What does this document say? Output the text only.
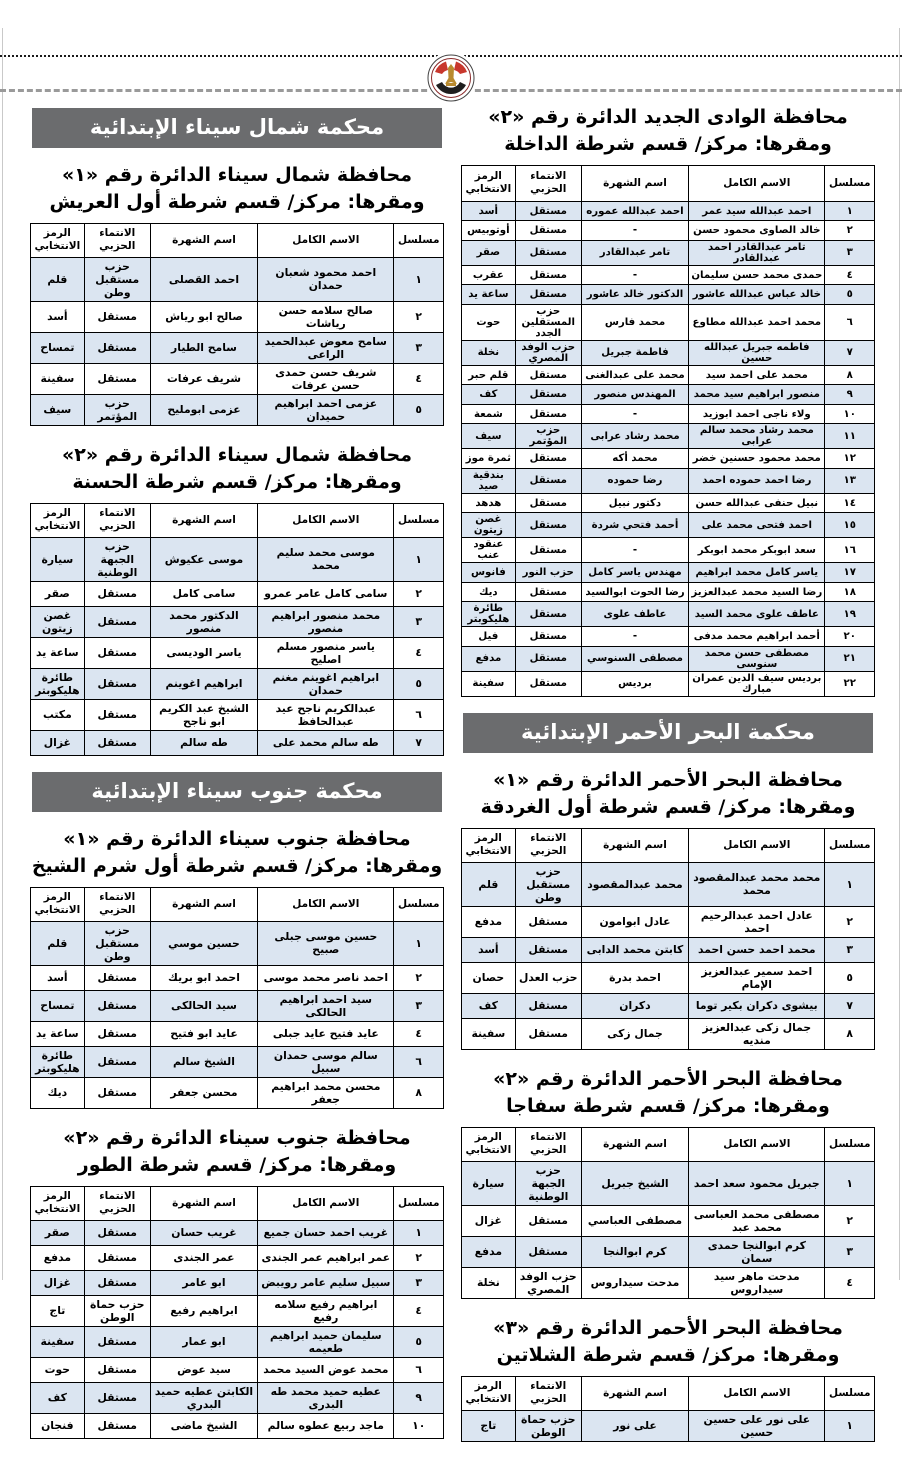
محافظة الوادى الجديد الدائرة رقم «٢»
ومقرها: مركز/ قسم شرطة الداخلة
مسلسل	الاسم الكامل	اسم الشهرة	الانتماء الحزبي	الرمز الانتخابي
١	احمد عبدالله سيد عمر	احمد عبدالله عموره	مستقل	أسد
٢	خالد الصاوى محمود حسن	-	مستقل	أوتوبيس
٣	تامر عبدالقادر احمد عبدالقادر	تامر عبدالقادر	مستقل	صقر
٤	حمدى محمد حسن سليمان	-	مستقل	عقرب
٥	خالد عباس عبدالله عاشور	الدكتور خالد عاشور	مستقل	ساعة يد
٦	محمد احمد عبدالله مطاوع	محمد فارس	حزب المستقلين الجدد	حوت
٧	فاطمه جبريل عبدالله حسين	فاطمة جبريل	حزب الوفد المصري	نخلة
٨	محمد على احمد سيد	محمد على عبدالغنى	مستقل	قلم حبر
٩	منصور ابراهيم سيد محمد	المهندس منصور	مستقل	كف
١٠	ولاء ناجى احمد ابوزيد	-	مستقل	شمعة
١١	محمد رشاد محمد سالم عرابى	محمد رشاد عرابى	حزب المؤتمر	سيف
١٢	محمد محمود حسنين خضر	محمد أكه	مستقل	ثمرة موز
١٣	رضا احمد حموده احمد	رضا حموده	مستقل	بندقية صيد
١٤	نبيل حنفى عبدالله حسن	دكتور نبيل	مستقل	هدهد
١٥	احمد فتحى محمد على	أحمد فتحي شردة	مستقل	غصن زيتون
١٦	سعد ابوبكر محمد ابوبكر	-	مستقل	عنقود عنب
١٧	ياسر كامل محمد ابراهيم	مهندس ياسر كامل	حزب النور	فانوس
١٨	رضا السيد محمد عبدالعزيز	رضا الحوت ابوالسيد	مستقل	ديك
١٩	عاطف علوى محمد السيد	عاطف علوى	مستقل	طائرة هليكوبتر
٢٠	أحمد ابراهيم محمد مدفى	-	مستقل	فيل
٢١	مصطفى حسن محمد سنوسى	مصطفى السنوسي	مستقل	مدفع
٢٢	برديس سيف الدين عمران مبارك	برديس	مستقل	سفينة
محكمة البحر الأحمر الإبتدائية
محافظة البحر الأحمر الدائرة رقم «١»
ومقرها: مركز/ قسم شرطة أول الغردقة
مسلسل	الاسم الكامل	اسم الشهرة	الانتماء الحزبي	الرمز الانتخابي
١	محمد محمد عبدالمقصود محمد	محمد عبدالمقصود	حزب مستقبل وطن	قلم
٢	عادل احمد عبدالرحيم احمد	عادل ابوامون	مستقل	مدفع
٣	محمد احمد حسن احمد	كابتن محمد الدابى	مستقل	أسد
٥	احمد سمير عبدالعزيز الإمام	احمد بدرة	حزب العدل	حصان
٧	بيشوى دكران بكير توما	دكران	مستقل	كف
٨	جمال زكى عبدالعزيز منديه	جمال زكى	مستقل	سفينة
محافظة البحر الأحمر الدائرة رقم «٢»
ومقرها: مركز/ قسم شرطة سفاجا
مسلسل	الاسم الكامل	اسم الشهرة	الانتماء الحزبي	الرمز الانتخابي
١	جبريل محمود سعد احمد	الشيخ جبريل	حزب الجبهة الوطنية	سيارة
٢	مصطفى محمد العباسى محمد عبد	مصطفى العباسي	مستقل	غزال
٣	كرم ابوالنجا حمدى سمان	كرم ابوالنجا	مستقل	مدفع
٤	مدحت ماهر سيد سيداروس	مدحت سيداروس	حزب الوفد المصري	نخلة
محافظة البحر الأحمر الدائرة رقم «٣»
ومقرها: مركز/ قسم شرطة الشلاتين
مسلسل	الاسم الكامل	اسم الشهرة	الانتماء الحزبي	الرمز الانتخابي
١	على نور على حسين حسين	على نور	حزب حماة الوطن	تاج
محكمة شمال سيناء الإبتدائية
محافظة شمال سيناء الدائرة رقم «١»
ومقرها: مركز/ قسم شرطة أول العريش
مسلسل	الاسم الكامل	اسم الشهرة	الانتماء الحزبي	الرمز الانتخابي
١	احمد محمود شعبان حمدان	احمد القصلى	حزب مستقبل وطن	قلم
٢	صالح سلامه حسن رياشات	صالح ابو رياش	مستقل	أسد
٣	سامح معوض عبدالحميد الراعى	سامح الطيار	مستقل	تمساح
٤	شريف حسن حمدى حسن عرفات	شريف عرفات	مستقل	سفينة
٥	عزمى احمد ابراهيم حميدان	عزمى ابومليح	حزب المؤتمر	سيف
محافظة شمال سيناء الدائرة رقم «٢»
ومقرها: مركز/ قسم شرطة الحسنة
مسلسل	الاسم الكامل	اسم الشهرة	الانتماء الحزبي	الرمز الانتخابي
١	موسى محمد سليم محمد	موسى عكيوش	حزب الجبهة الوطنية	سيارة
٢	سامى كامل عامر عمرو	سامى كامل	مستقل	صقر
٣	محمد منصور ابراهيم منصور	الدكتور محمد منصور	مستقل	غصن زيتون
٤	ياسر منصور مسلم اصليح	ياسر الوديسى	مستقل	ساعة يد
٥	ابراهيم اغوينم مغنم حمدان	ابراهيم اغوينم	مستقل	طائرة هليكوبتر
٦	عبدالكريم ناجح عيد عبدالحافظ	الشيخ عبد الكريم ابو ناجح	مستقل	مكتب
٧	طه سالم محمد على	طه سالم	مستقل	غزال
محكمة جنوب سيناء الإبتدائية
محافظة جنوب سيناء الدائرة رقم «١»
ومقرها: مركز/ قسم شرطة أول شرم الشيخ
مسلسل	الاسم الكامل	اسم الشهرة	الانتماء الحزبي	الرمز الانتخابي
١	حسين موسى جبلى صبيح	حسين موسي	حزب مستقبل وطن	قلم
٢	احمد ناصر محمد موسى	احمد ابو بريك	مستقل	أسد
٣	سيد احمد ابراهيم الحالكى	سيد الحالكى	مستقل	تمساح
٤	عايد فتيح عايد جبلى	عايد ابو فتيح	مستقل	ساعة يد
٦	سالم موسى حمدان سبيل	الشيخ سالم	مستقل	طائرة هليكوبتر
٨	محسن محمد ابراهيم جعفر	محسن جعفر	مستقل	ديك
محافظة جنوب سيناء الدائرة رقم «٢»
ومقرها: مركز/ قسم شرطة الطور
مسلسل	الاسم الكامل	اسم الشهرة	الانتماء الحزبي	الرمز الانتخابي
١	غريب احمد حسان جميع	غريب حسان	مستقل	صقر
٢	عمر ابراهيم عمر الجندى	عمر الجندى	مستقل	مدفع
٣	سبيل سليم عامر رويبض	ابو عامر	مستقل	غزال
٤	ابراهيم رفيع سلامه رفيع	ابراهيم رفيع	حزب حماة الوطن	تاج
٥	سليمان حميد ابراهيم طعيمه	ابو عمار	مستقل	سفينة
٦	محمد عوض السيد محمد	سيد عوض	مستقل	حوت
٩	عطيه حميد محمد طه البدرى	الكابتن عطيه حميد البدري	مستقل	كف
١٠	ماجد ربيع عطوه سالم	الشيخ ماضى	مستقل	فنجان
